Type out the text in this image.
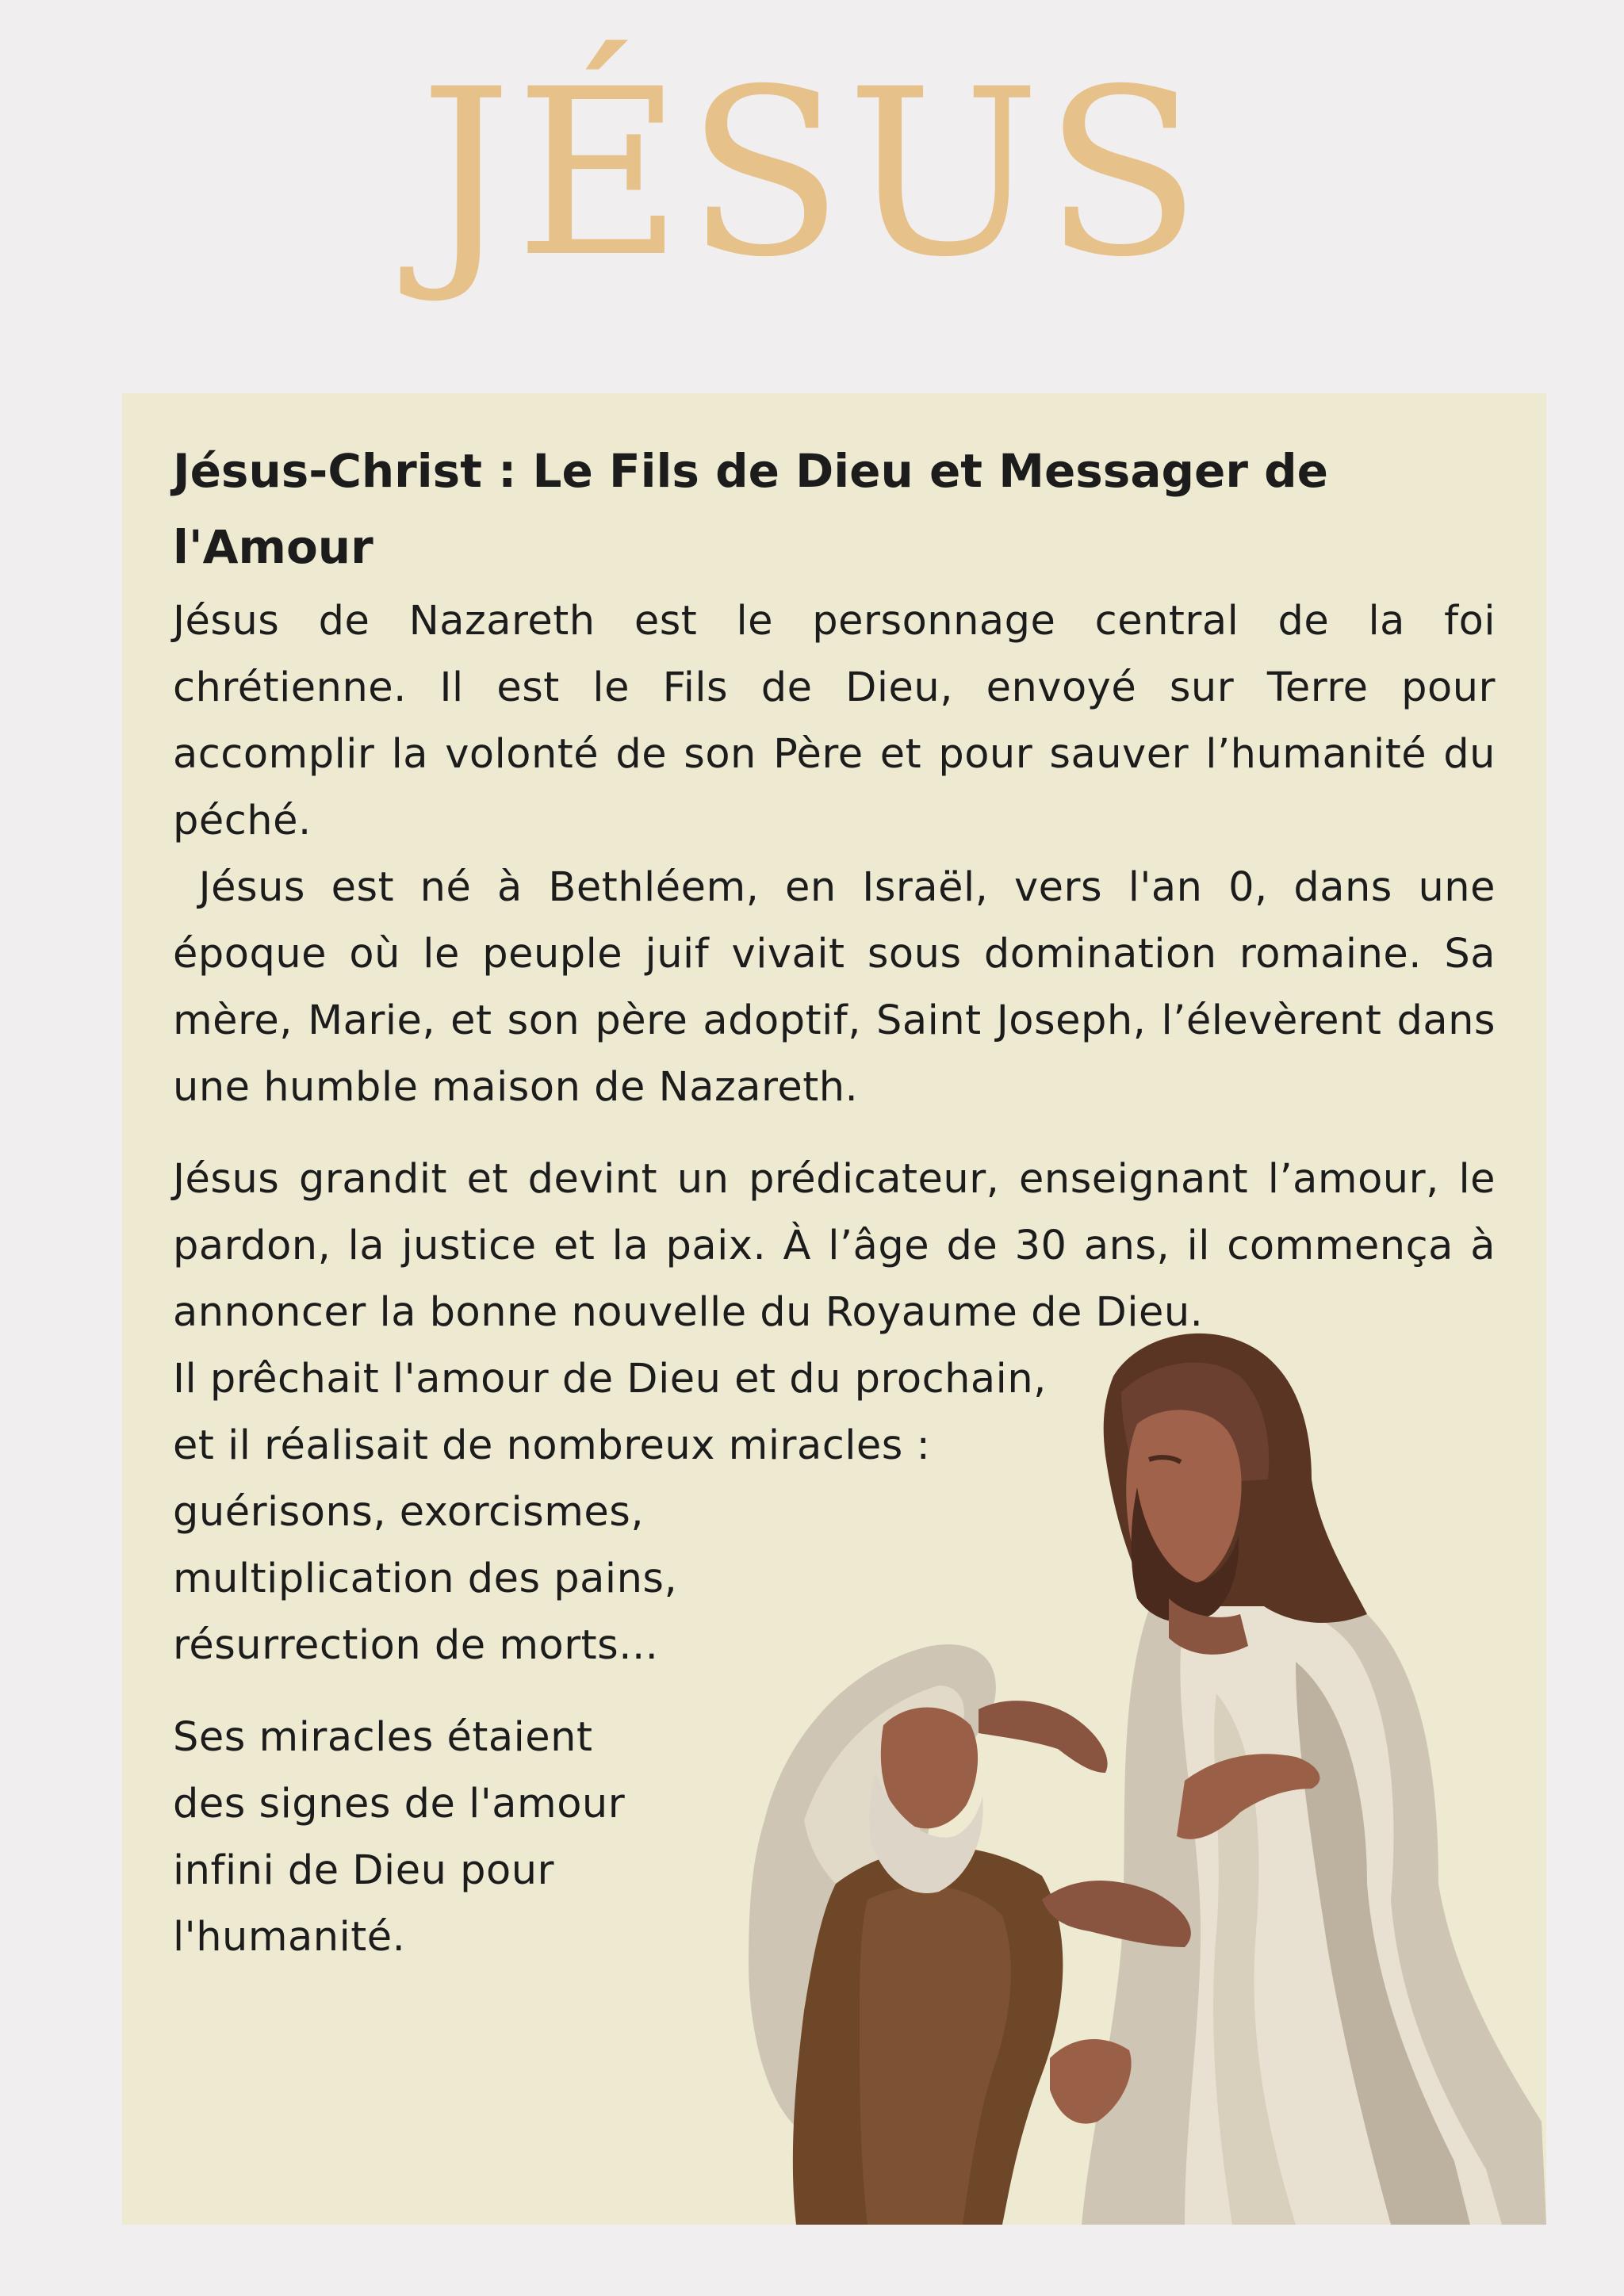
JÉSUS
Jésus-Christ : Le Fils de Dieu et Messager de l'Amour

Jésus de Nazareth est le personnage central de la foi chrétienne. Il est le Fils de Dieu, envoyé sur Terre pour accomplir la volonté de son Père et pour sauver l’humanité du péché.

Jésus est né à Bethléem, en Israël, vers l'an 0, dans une époque où le peuple juif vivait sous domination romaine. Sa mère, Marie, et son père adoptif, Saint Joseph, l’élevèrent dans une humble maison de Nazareth.

Jésus grandit et devint un prédicateur, enseignant l’amour, le pardon, la justice et la paix. À l’âge de 30 ans, il commença à annoncer la bonne nouvelle du Royaume de Dieu.

Il prêchait l'amour de Dieu et du prochain,
et il réalisait de nombreux miracles :
guérisons, exorcismes,
multiplication des pains,
résurrection de morts...

Ses miracles étaient
des signes de l'amour
infini de Dieu pour
l'humanité.
